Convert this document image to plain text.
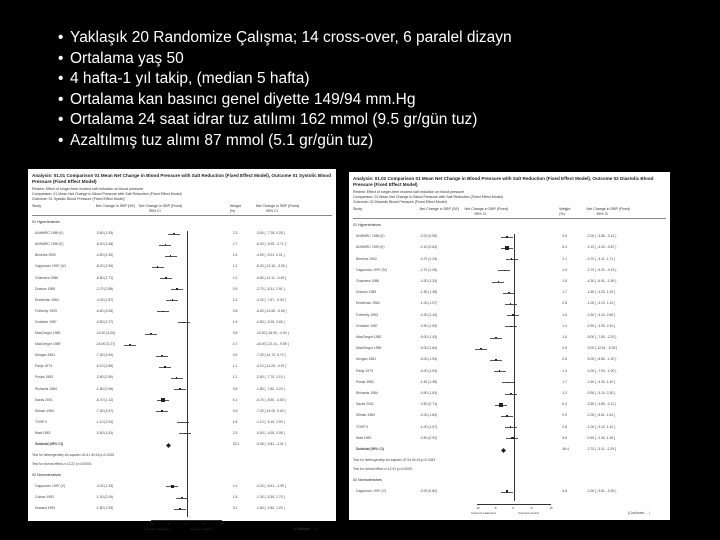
• Yaklaşık 20 Randomize Çalışma; 14 cross-over, 6 paralel dizayn
• Ortalama yaş 50
• 4 hafta-1 yıl takip, (median 5 hafta)
• Ortalama kan basıncı genel diyette 149/94 mm.Hg
• Ortalama 24 saat idrar tuz atılımı 162 mmol (9.5 gr/gün tuz)
• Azaltılmış tuz alımı 87 mmol (5.1 gr/gün tuz)
Analysis: 01.01 Comparison 01 Mean Net Change in Blood Pressure with Salt Reduction (Fixed Effect Model), Outcome 01 Systolic Blood Pressure (Fixed Effect Model)
Review: Effect of longer-term modest salt reduction on blood pressure
Comparison: 01 Mean Net Change in Blood Pressure with Salt Reduction (Fixed Effect Model)
Outcome: 01 Systolic Blood Pressure (Fixed Effect Model)
Study	Net Change in SBP (SE) Net Change in SBP (Fixed)	Weight	Net Change in SBP (Fixed)
95% CI	(%)	95% CI
01 Hypertensives
ANHMRC 1989 (II)	-3.50 (1.93)	2.2	-3.50 [ -7.28, 0.28 ]
ANHMRC 1990 (II)	-6.00 (1.68)	2.7	-6.00 [ -9.29, -2.71 ]
Benetos 1992	-4.50 (2.30)	1.5	-4.50 [ -9.01, 0.01 ]
Cappuccio 1997 (IV)	-8.20 (2.50)	1.2	-8.20 [-13.10, -3.30 ]
Chalmers 1986	-5.80 (2.71)	1.0	-5.80 [-11.11, -0.49 ]
Dodson 1989	-2.70 (2.86)	0.9	-2.70 [ -8.31, 2.91 ]
Erwteman 1984	-4.00 (1.87)	2.1	-4.00 [ -7.67, -0.33 ]
Fotherby 1993	-6.60 (3.06)	0.8	-6.60 [-12.60, -0.60 ]
Grobbee 1987	-0.80 (2.27)	1.5	-0.80 [ -5.25, 3.65 ]
MacGregor 1982	-10.00 (3.06)	0.8	-10.00 [-16.00, -4.00 ]
MacGregor 1989	-16.00 (3.27)	0.7	-16.00 [-22.41, -9.59 ]
Morgan 1981	-7.00 (3.94)	0.5	-7.00 [-14.72, 0.72 ]
Parijs 1973	-6.10 (2.65)	1.1	-6.10 [-11.29, -0.91 ]
Puska 1983	-2.80 (2.50)	1.2	-2.80 [ -7.70, 2.10 ]
Richards 1984	-1.80 (3.06)	0.8	-1.80 [ -7.80, 4.20 ]
Sacks 2001	-6.70 (1.12)	6.1	-6.70 [ -8.90, -4.50 ]
Silman 1983	-7.00 (3.57)	0.6	-7.00 [-14.00, 0.00 ]
TOHP II	-1.10 (2.04)	1.8	-1.10 [ -5.10, 2.90 ]
Watt 1983	-0.50 (1.81)	2.3	-0.50 [ -4.05, 3.05 ]
Subtotal (95% CI)	33.1	-5.06 [ -5.81, -4.31 ]
Test for heterogeneity chi-square=40.41 df=18 p=0.0018
Test for overall effect z=13.22 p<0.00001
02 Normotensives
Cappuccio 1997 (V)	-4.00 (1.33)	4.1	-4.00 [ -6.61, -1.39 ]
Cobiac 1992	-1.30 (2.04)	1.8	-1.30 [ -5.30, 2.70 ]
Howard 1994	-1.80 (1.53)	3.1	-1.80 [ -4.80, 1.20 ]
-10	-5	0	5	10
Favours treatment	Favours control	(Continued ... )
Analysis: 01.02 Comparison 01 Mean Net Change in Blood Pressure with Salt Reduction (Fixed Effect Model), Outcome 02 Diastolic Blood Pressure (Fixed Effect Model)
Review: Effect of longer-term modest salt reduction on blood pressure
Comparison: 01 Mean Net Change in Blood Pressure with Salt Reduction (Fixed Effect Model)
Outcome: 02 Diastolic Blood Pressure (Fixed Effect Model)
Study	Net Change in DBP (SE) Net Change in DBP (Fixed)	Weight	Net Change in DBP (Fixed)
95% CI	(%)	95% CI
01 Hypertensives
ANHMRC 1989 (II)	-2.00 (0.95)	3.5	-2.00 [ -3.86, -0.14 ]
ANHMRC 1990 (II)	-2.10 (0.63)	8.4	-2.10 [ -3.33, -0.87 ]
Benetos 1992	-0.70 (1.23)	2.1	-0.70 [ -3.11, 1.71 ]
Cappuccio 1997 (IV)	-2.70 (1.28)	1.9	-2.70 [ -5.21, -0.19 ]
Chalmers 1986	-4.30 (1.33)	1.8	-4.30 [ -6.91, -1.69 ]
Dodson 1989	-1.50 (1.38)	1.7	-1.50 [ -4.20, 1.20 ]
Erwteman 1984	-1.00 (1.07)	2.8	-1.00 [ -3.10, 1.10 ]
Fotherby 1993	-0.30 (1.43)	1.6	-0.30 [ -3.10, 2.50 ]
Grobbee 1987	-0.90 (1.53)	1.4	-0.90 [ -3.90, 2.10 ]
MacGregor 1982	-5.00 (1.43)	1.6	-5.00 [ -7.80, -2.20 ]
MacGregor 1989	-9.00 (1.84)	0.9	-9.00 [-12.61, -5.39 ]
Morgan 1981	-5.00 (1.94)	0.8	-5.00 [ -8.80, -1.20 ]
Parijs 1973	-4.00 (1.53)	1.4	-4.00 [ -7.00, -1.00 ]
Puska 1983	-1.60 (1.38)	1.7	-1.60 [ -4.30, 1.10 ]
Richards 1984	-0.90 (1.63)	1.2	-0.90 [ -4.10, 2.30 ]
Sacks 2001	-3.50 (0.71)	6.4	-3.50 [ -4.89, -2.11 ]
Silman 1983	-2.00 (1.84)	0.9	-2.00 [ -5.61, 1.61 ]
TOHP II	-1.00 (1.07)	2.8	-1.00 [ -3.10, 1.10 ]
Watt 1983	-0.50 (0.92)	3.8	-0.50 [ -2.30, 1.30 ]
Subtotal (95% CI)	48.4	-2.70 [ -3.11, -2.29 ]
Test for heterogeneity chi-square=37.64 df=18 p=0.0043
Test for overall effect z=12.91 p<0.00001
02 Normotensives
Cappuccio 1997 (V)	-2.00 (0.82)	4.6	-2.00 [ -3.61, -0.39 ]
-10	-5	0	5	10
Favours treatment	Favours control	(Continued ... )
